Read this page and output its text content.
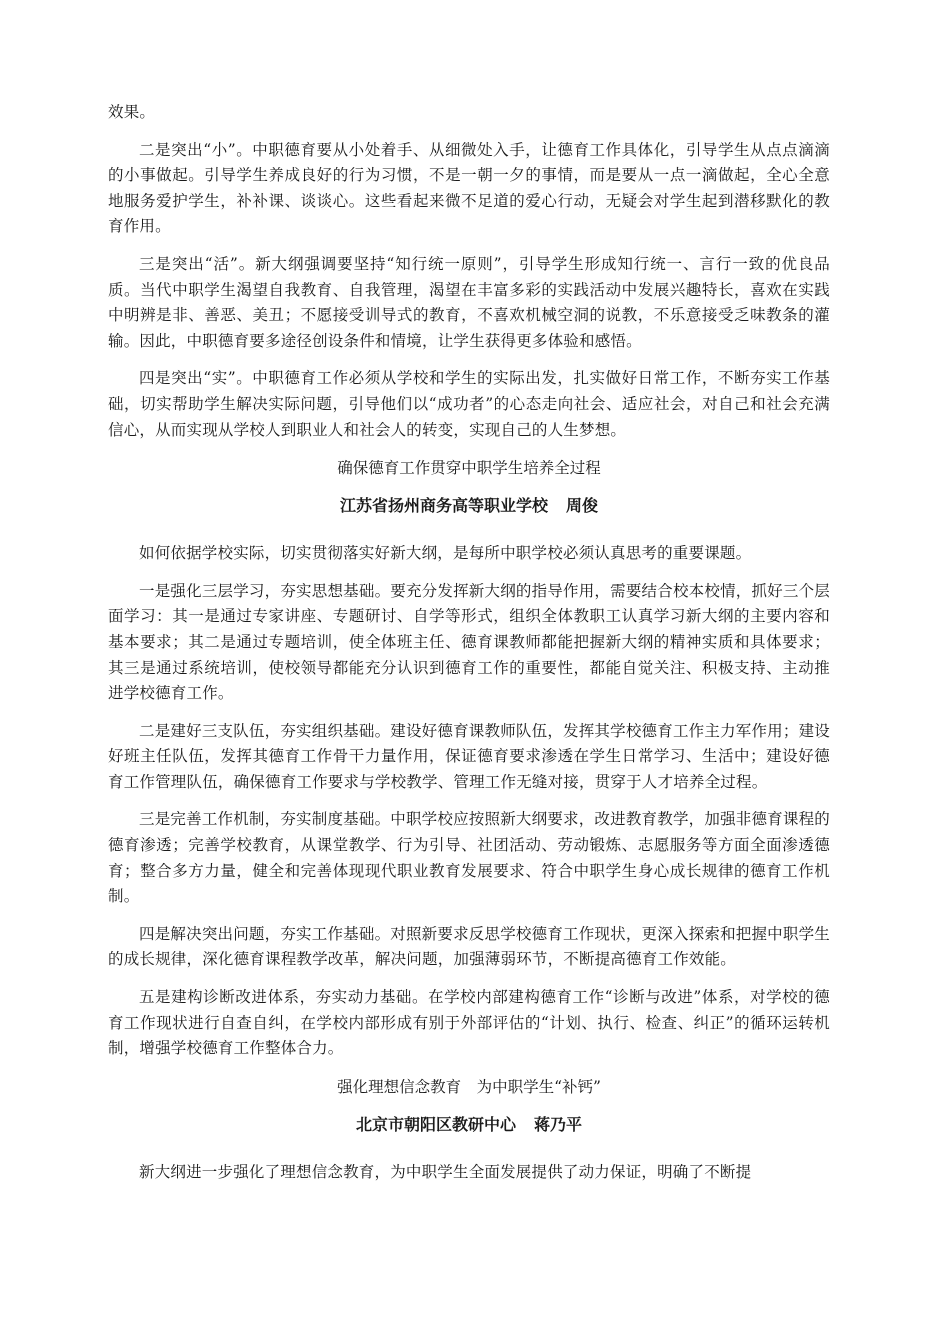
效果。

二是突出“小”。中职德育要从小处着手、从细微处入手，让德育工作具体化，引导学生从点点滴滴的小事做起。引导学生养成良好的行为习惯，不是一朝一夕的事情，而是要从一点一滴做起，全心全意地服务爱护学生，补补课、谈谈心。这些看起来微不足道的爱心行动，无疑会对学生起到潜移默化的教育作用。

三是突出“活”。新大纲强调要坚持“知行统一原则”，引导学生形成知行统一、言行一致的优良品质。当代中职学生渴望自我教育、自我管理，渴望在丰富多彩的实践活动中发展兴趣特长，喜欢在实践中明辨是非、善恶、美丑；不愿接受训导式的教育，不喜欢机械空洞的说教，不乐意接受乏味教条的灌输。因此，中职德育要多途径创设条件和情境，让学生获得更多体验和感悟。

四是突出“实”。中职德育工作必须从学校和学生的实际出发，扎实做好日常工作，不断夯实工作基础，切实帮助学生解决实际问题，引导他们以“成功者”的心态走向社会、适应社会，对自己和社会充满信心，从而实现从学校人到职业人和社会人的转变，实现自己的人生梦想。

确保德育工作贯穿中职学生培养全过程
江苏省扬州商务高等职业学校 周俊

如何依据学校实际，切实贯彻落实好新大纲，是每所中职学校必须认真思考的重要课题。

一是强化三层学习，夯实思想基础。要充分发挥新大纲的指导作用，需要结合校本校情，抓好三个层面学习：其一是通过专家讲座、专题研讨、自学等形式，组织全体教职工认真学习新大纲的主要内容和基本要求；其二是通过专题培训，使全体班主任、德育课教师都能把握新大纲的精神实质和具体要求；其三是通过系统培训，使校领导都能充分认识到德育工作的重要性，都能自觉关注、积极支持、主动推进学校德育工作。

二是建好三支队伍，夯实组织基础。建设好德育课教师队伍，发挥其学校德育工作主力军作用；建设好班主任队伍，发挥其德育工作骨干力量作用，保证德育要求渗透在学生日常学习、生活中；建设好德育工作管理队伍，确保德育工作要求与学校教学、管理工作无缝对接，贯穿于人才培养全过程。

三是完善工作机制，夯实制度基础。中职学校应按照新大纲要求，改进教育教学，加强非德育课程的德育渗透；完善学校教育，从课堂教学、行为引导、社团活动、劳动锻炼、志愿服务等方面全面渗透德育；整合多方力量，健全和完善体现现代职业教育发展要求、符合中职学生身心成长规律的德育工作机制。

四是解决突出问题，夯实工作基础。对照新要求反思学校德育工作现状，更深入探索和把握中职学生的成长规律，深化德育课程教学改革，解决问题，加强薄弱环节，不断提高德育工作效能。

五是建构诊断改进体系，夯实动力基础。在学校内部建构德育工作“诊断与改进”体系，对学校的德育工作现状进行自查自纠，在学校内部形成有别于外部评估的“计划、执行、检查、纠正”的循环运转机制，增强学校德育工作整体合力。

强化理想信念教育　为中职学生“补钙”
北京市朝阳区教研中心 蒋乃平

新大纲进一步强化了理想信念教育，为中职学生全面发展提供了动力保证，明确了不断提
